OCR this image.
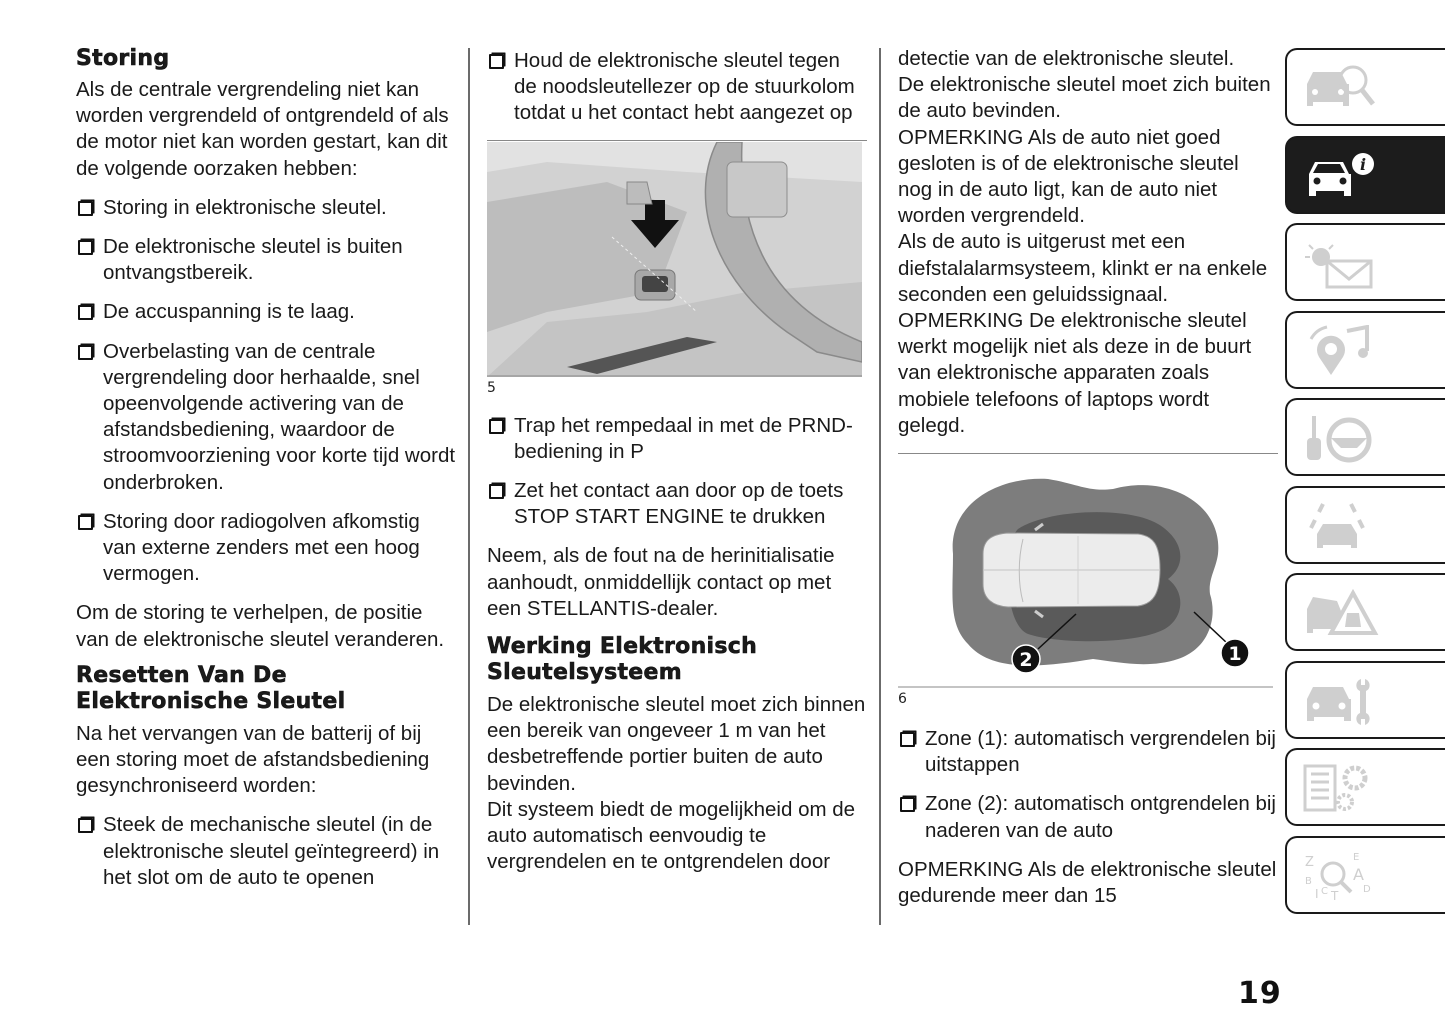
Storing

Als de centrale vergrendeling niet kan worden vergrendeld of ontgrendeld of als de motor niet kan worden gestart, kan dit de volgende oorzaken hebben:

Storing in elektronische sleutel.
De elektronische sleutel is buiten ontvangstbereik.
De accuspanning is te laag.
Overbelasting van de centrale vergrendeling door herhaalde, snel opeenvolgende activering van de afstandsbediening, waardoor de stroomvoorziening voor korte tijd wordt onderbroken.
Storing door radiogolven afkomstig van externe zenders met een hoog vermogen.

Om de storing te verhelpen, de positie van de elektronische sleutel veranderen.

Resetten Van De Elektronische Sleutel

Na het vervangen van de batterij of bij een storing moet de afstandsbediening gesynchroniseerd worden:

Steek de mechanische sleutel (in de elektronische sleutel geïntegreerd) in het slot om de auto te openen
Houd de elektronische sleutel tegen de noodsleutellezer op de stuurkolom totdat u het contact hebt aangezet op
5
Trap het rempedaal in met de PRND-bediening in P
Zet het contact aan door op de toets STOP START ENGINE te drukken

Neem, als de fout na de herinitialisatie aanhoudt, onmiddellijk contact op met een STELLANTIS-dealer.

Werking Elektronisch Sleutelsysteem

De elektronische sleutel moet zich binnen een bereik van ongeveer 1 m van het desbetreffende portier buiten de auto bevinden.

Dit systeem biedt de mogelijkheid om de auto automatisch eenvoudig te vergrendelen en te ontgrendelen door

detectie van de elektronische sleutel.

De elektronische sleutel moet zich buiten de auto bevinden.

OPMERKING Als de auto niet goed gesloten is of de elektronische sleutel nog in de auto ligt, kan de auto niet worden vergrendeld.

Als de auto is uitgerust met een diefstalalarmsysteem, klinkt er na enkele seconden een geluidssignaal.

OPMERKING De elektronische sleutel werkt mogelijk niet als deze in de buurt van elektronische apparaten zoals mobiele telefoons of laptops wordt gelegd.

2	1
6
Zone (1): automatisch vergrendelen bij uitstappen
Zone (2): automatisch ontgrendelen bij naderen van de auto

OPMERKING Als de elektronische sleutel gedurende meer dan 15

i
Z
B
I C T
E
A
D
19
